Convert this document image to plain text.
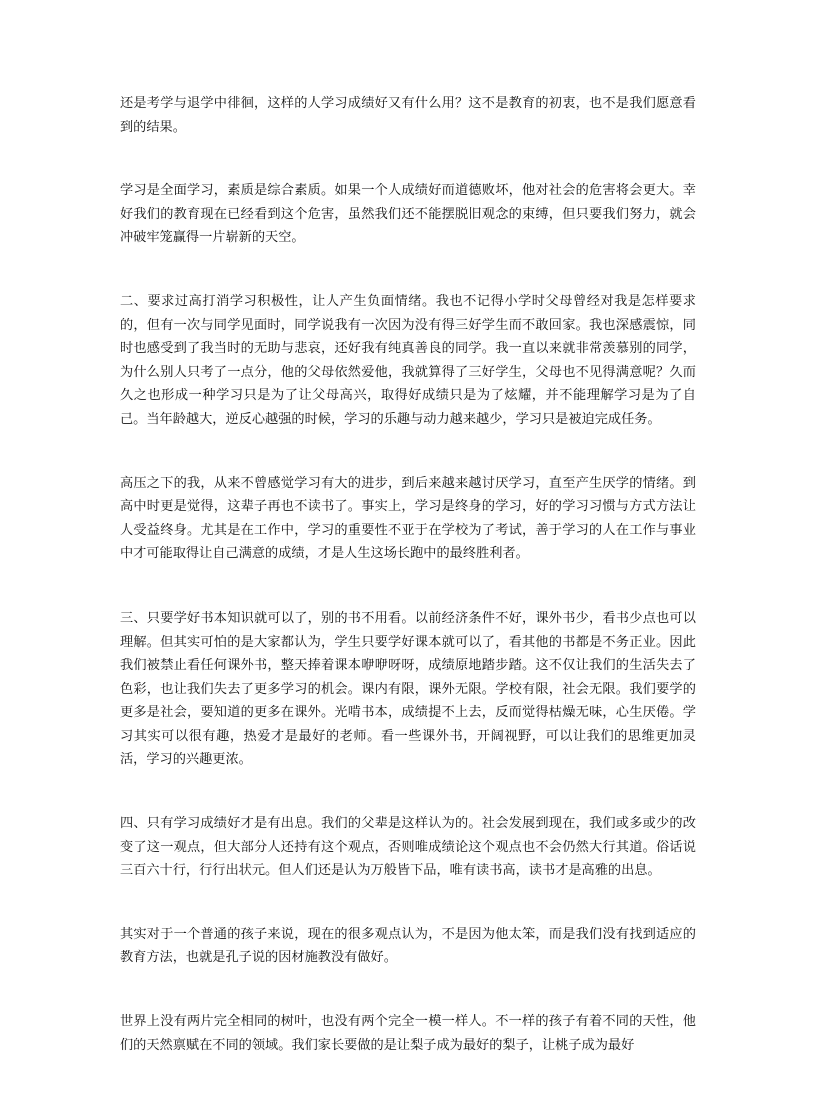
还是考学与退学中徘徊，这样的人学习成绩好又有什么用？这不是教育的初衷，也不是我们愿意看到的结果。

学习是全面学习，素质是综合素质。如果一个人成绩好而道德败坏，他对社会的危害将会更大。幸好我们的教育现在已经看到这个危害，虽然我们还不能摆脱旧观念的束缚，但只要我们努力，就会冲破牢笼赢得一片崭新的天空。

二、要求过高打消学习积极性，让人产生负面情绪。我也不记得小学时父母曾经对我是怎样要求的，但有一次与同学见面时，同学说我有一次因为没有得三好学生而不敢回家。我也深感震惊，同时也感受到了我当时的无助与悲哀，还好我有纯真善良的同学。我一直以来就非常羡慕别的同学，为什么别人只考了一点分，他的父母依然爱他，我就算得了三好学生，父母也不见得满意呢？久而久之也形成一种学习只是为了让父母高兴，取得好成绩只是为了炫耀，并不能理解学习是为了自己。当年龄越大，逆反心越强的时候，学习的乐趣与动力越来越少，学习只是被迫完成任务。

高压之下的我，从来不曾感觉学习有大的进步，到后来越来越讨厌学习，直至产生厌学的情绪。到高中时更是觉得，这辈子再也不读书了。事实上，学习是终身的学习，好的学习习惯与方式方法让人受益终身。尤其是在工作中，学习的重要性不亚于在学校为了考试，善于学习的人在工作与事业中才可能取得让自己满意的成绩，才是人生这场长跑中的最终胜利者。

三、只要学好书本知识就可以了，别的书不用看。以前经济条件不好，课外书少，看书少点也可以理解。但其实可怕的是大家都认为，学生只要学好课本就可以了，看其他的书都是不务正业。因此我们被禁止看任何课外书，整天捧着课本咿咿呀呀，成绩原地踏步踏。这不仅让我们的生活失去了色彩，也让我们失去了更多学习的机会。课内有限，课外无限。学校有限，社会无限。我们要学的更多是社会，要知道的更多在课外。光啃书本，成绩提不上去，反而觉得枯燥无味，心生厌倦。学习其实可以很有趣，热爱才是最好的老师。看一些课外书，开阔视野，可以让我们的思维更加灵活，学习的兴趣更浓。

四、只有学习成绩好才是有出息。我们的父辈是这样认为的。社会发展到现在，我们或多或少的改变了这一观点，但大部分人还持有这个观点，否则唯成绩论这个观点也不会仍然大行其道。俗话说三百六十行，行行出状元。但人们还是认为万般皆下品，唯有读书高，读书才是高雅的出息。

其实对于一个普通的孩子来说，现在的很多观点认为，不是因为他太笨，而是我们没有找到适应的教育方法，也就是孔子说的因材施教没有做好。

世界上没有两片完全相同的树叶，也没有两个完全一模一样人。不一样的孩子有着不同的天性，他们的天然禀赋在不同的领域。我们家长要做的是让梨子成为最好的梨子，让桃子成为最好
